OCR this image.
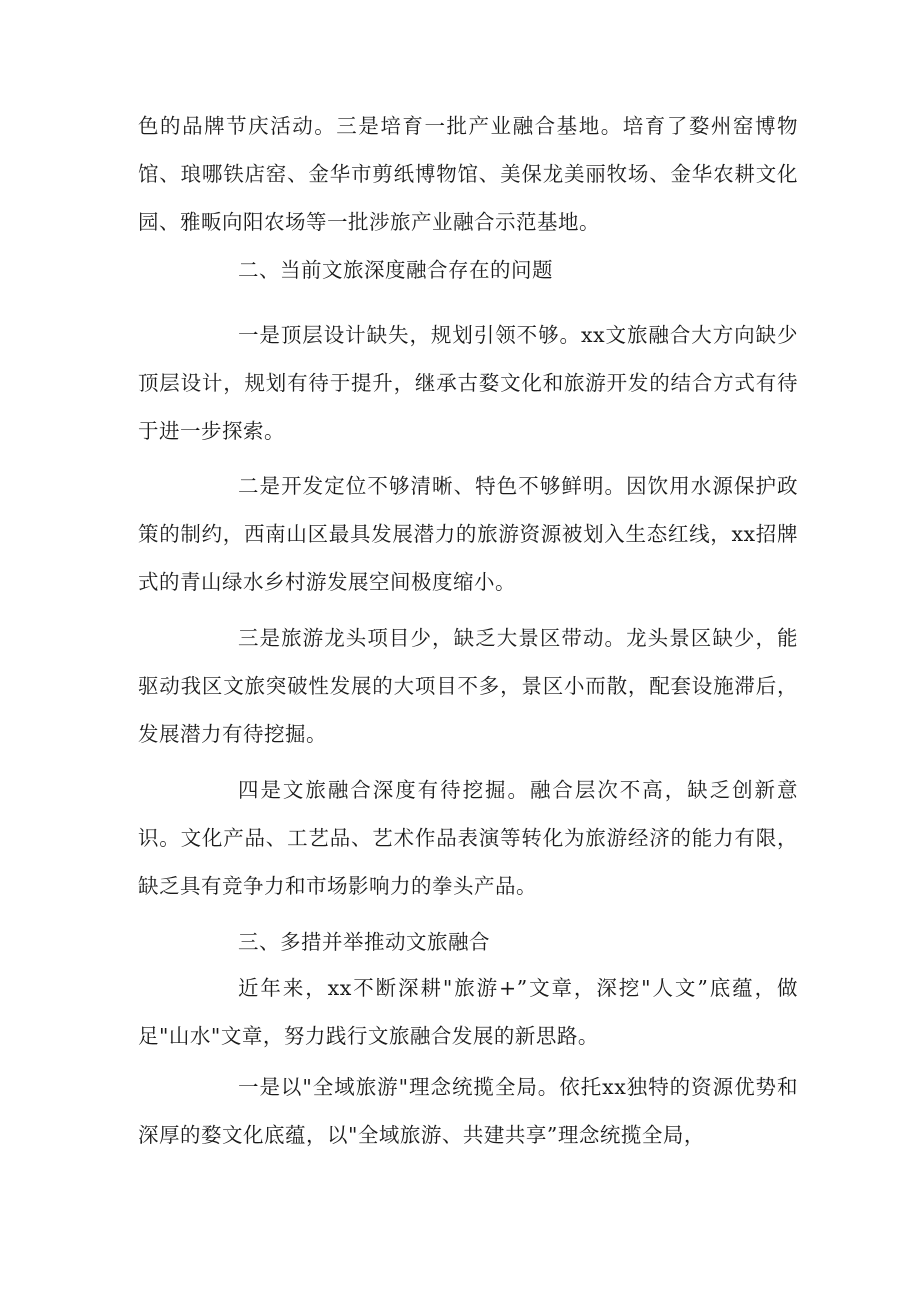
色的品牌节庆活动。三是培育一批产业融合基地。培育了婺州窑博物馆、琅哪铁店窑、金华市剪纸博物馆、美保龙美丽牧场、金华农耕文化园、雅畈向阳农场等一批涉旅产业融合示范基地。
二、当前文旅深度融合存在的问题
一是顶层设计缺失，规划引领不够。xx文旅融合大方向缺少顶层设计，规划有待于提升，继承古婺文化和旅游开发的结合方式有待于进一步探索。
二是开发定位不够清晰、特色不够鲜明。因饮用水源保护政策的制约，西南山区最具发展潜力的旅游资源被划入生态红线，xx招牌式的青山绿水乡村游发展空间极度缩小。
三是旅游龙头项目少，缺乏大景区带动。龙头景区缺少，能驱动我区文旅突破性发展的大项目不多，景区小而散，配套设施滞后，发展潜力有待挖掘。
四是文旅融合深度有待挖掘。融合层次不高，缺乏创新意识。文化产品、工艺品、艺术作品表演等转化为旅游经济的能力有限，缺乏具有竞争力和市场影响力的拳头产品。
三、多措并举推动文旅融合
近年来，xx不断深耕"旅游+”文章，深挖"人文”底蕴，做足"山水"文章，努力践行文旅融合发展的新思路。
一是以"全域旅游"理念统揽全局。依托xx独特的资源优势和深厚的婺文化底蕴，以"全域旅游、共建共享”理念统揽全局，
